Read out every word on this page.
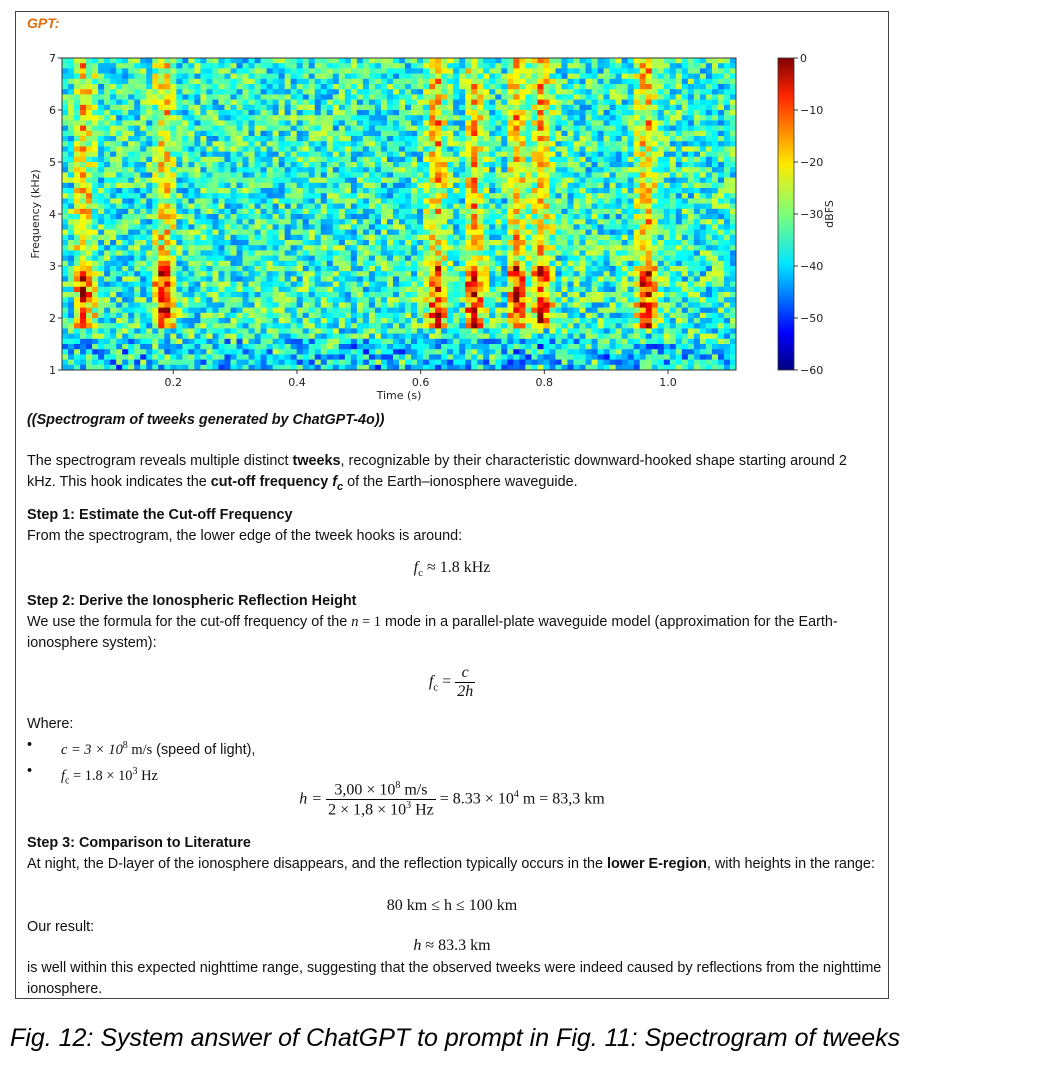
GPT:
0.2	0.4	0.6	0.8	1.0
1
2
3
4
5
6
7
Time (s)
Frequency (kHz)
0
−10
−20
−30
−40
−50
−60
dBFS
((Spectrogram of tweeks generated by ChatGPT-4o))
The spectrogram reveals multiple distinct tweeks, recognizable by their characteristic downward-hooked shape starting around 2 kHz. This hook indicates the cut-off frequency $f_c$ of the Earth–ionosphere waveguide.
Step 1: Estimate the Cut-off Frequency
From the spectrogram, the lower edge of the tweek hooks is around:
$f_c \approx 1.8$ kHz
Step 2: Derive the Ionospheric Reflection Height
We use the formula for the cut-off frequency of the n = 1 mode in a parallel-plate waveguide model (approximation for the Earth-ionosphere system):
$f_c = \frac{c}{2h}$
Where:
• $c = 3 \times 10^8$ m/s (speed of light),
• $f_c = 1.8 \times 10^3$ Hz
$h = \frac{3,00 \times 10^8 m/s}{2 \times 1,8 \times 10^3 Hz} = 8.33 \times 10^4$ m = 83,3 km
Step 3: Comparison to Literature
At night, the D-layer of the ionosphere disappears, and the reflection typically occurs in the lower E-region, with heights in the range:
80 km ≤ h ≤ 100 km
Our result:
h ≈ 83.3 km
is well within this expected nighttime range, suggesting that the observed tweeks were indeed caused by reflections from the nighttime ionosphere.
Fig. 12: System answer of ChatGPT to prompt in Fig. 11: Spectrogram of tweeks
